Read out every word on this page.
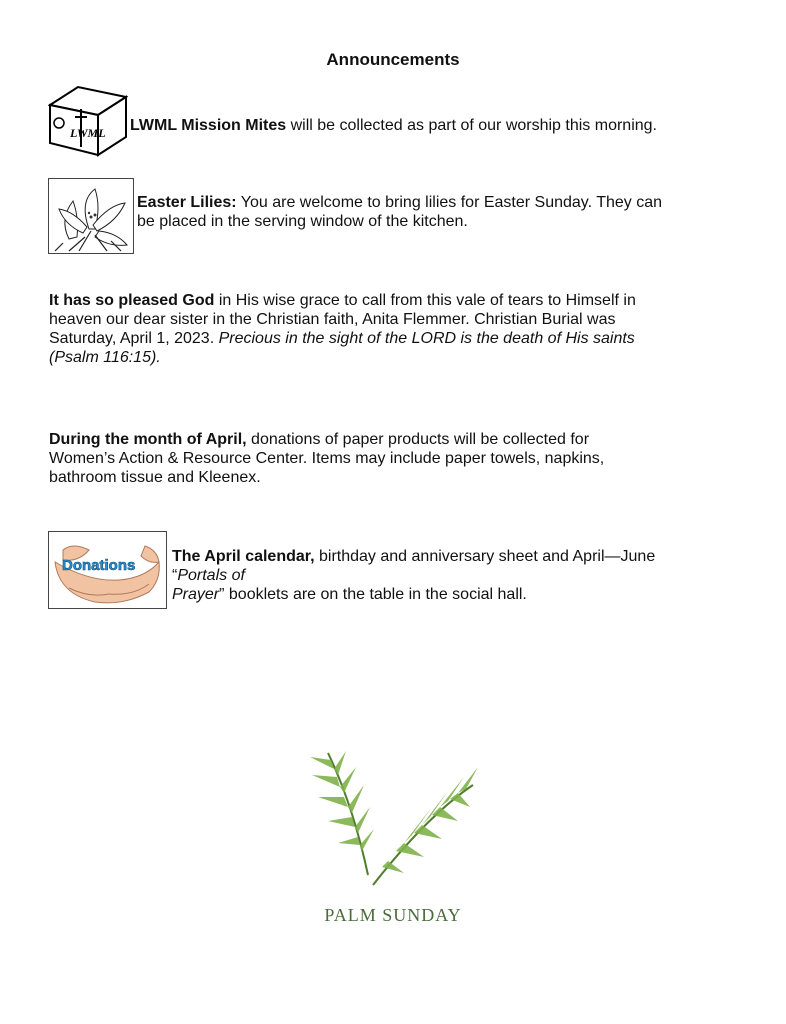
Announcements
LWML LWML Mission Mites will be collected as part of our worship this morning.
Easter Lilies: You are welcome to bring lilies for Easter Sunday. They can
be placed in the serving window of the kitchen.
It has so pleased God in His wise grace to call from this vale of tears to Himself in
heaven our dear sister in the Christian faith, Anita Flemmer. Christian Burial was
Saturday, April 1, 2023. Precious in the sight of the LORD is the death of His saints
(Psalm 116:15).
During the month of April, donations of paper products will be collected for
Women’s Action & Resource Center. Items may include paper towels, napkins,
bathroom tissue and Kleenex.
Donations
The April calendar, birthday and anniversary sheet and April—June
“Portals of
Prayer” booklets are on the table in the social hall.
PALM SUNDAY
